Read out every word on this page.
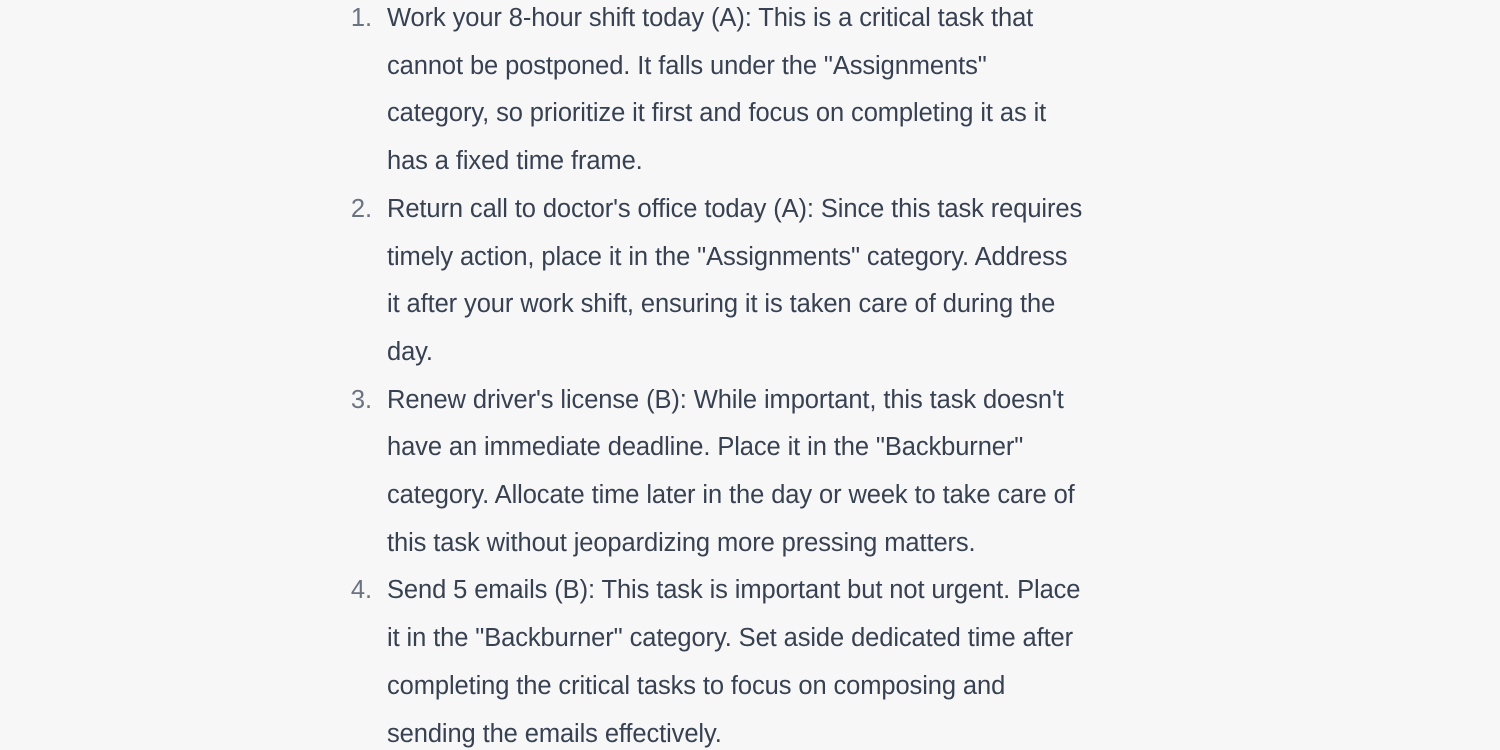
1. Work your 8-hour shift today (A): This is a critical task that
cannot be postponed. It falls under the "Assignments"
category, so prioritize it first and focus on completing it as it
has a fixed time frame.
2. Return call to doctor's office today (A): Since this task requires
timely action, place it in the "Assignments" category. Address
it after your work shift, ensuring it is taken care of during the
day.
3. Renew driver's license (B): While important, this task doesn't
have an immediate deadline. Place it in the "Backburner"
category. Allocate time later in the day or week to take care of
this task without jeopardizing more pressing matters.
4. Send 5 emails (B): This task is important but not urgent. Place
it in the "Backburner" category. Set aside dedicated time after
completing the critical tasks to focus on composing and
sending the emails effectively.
